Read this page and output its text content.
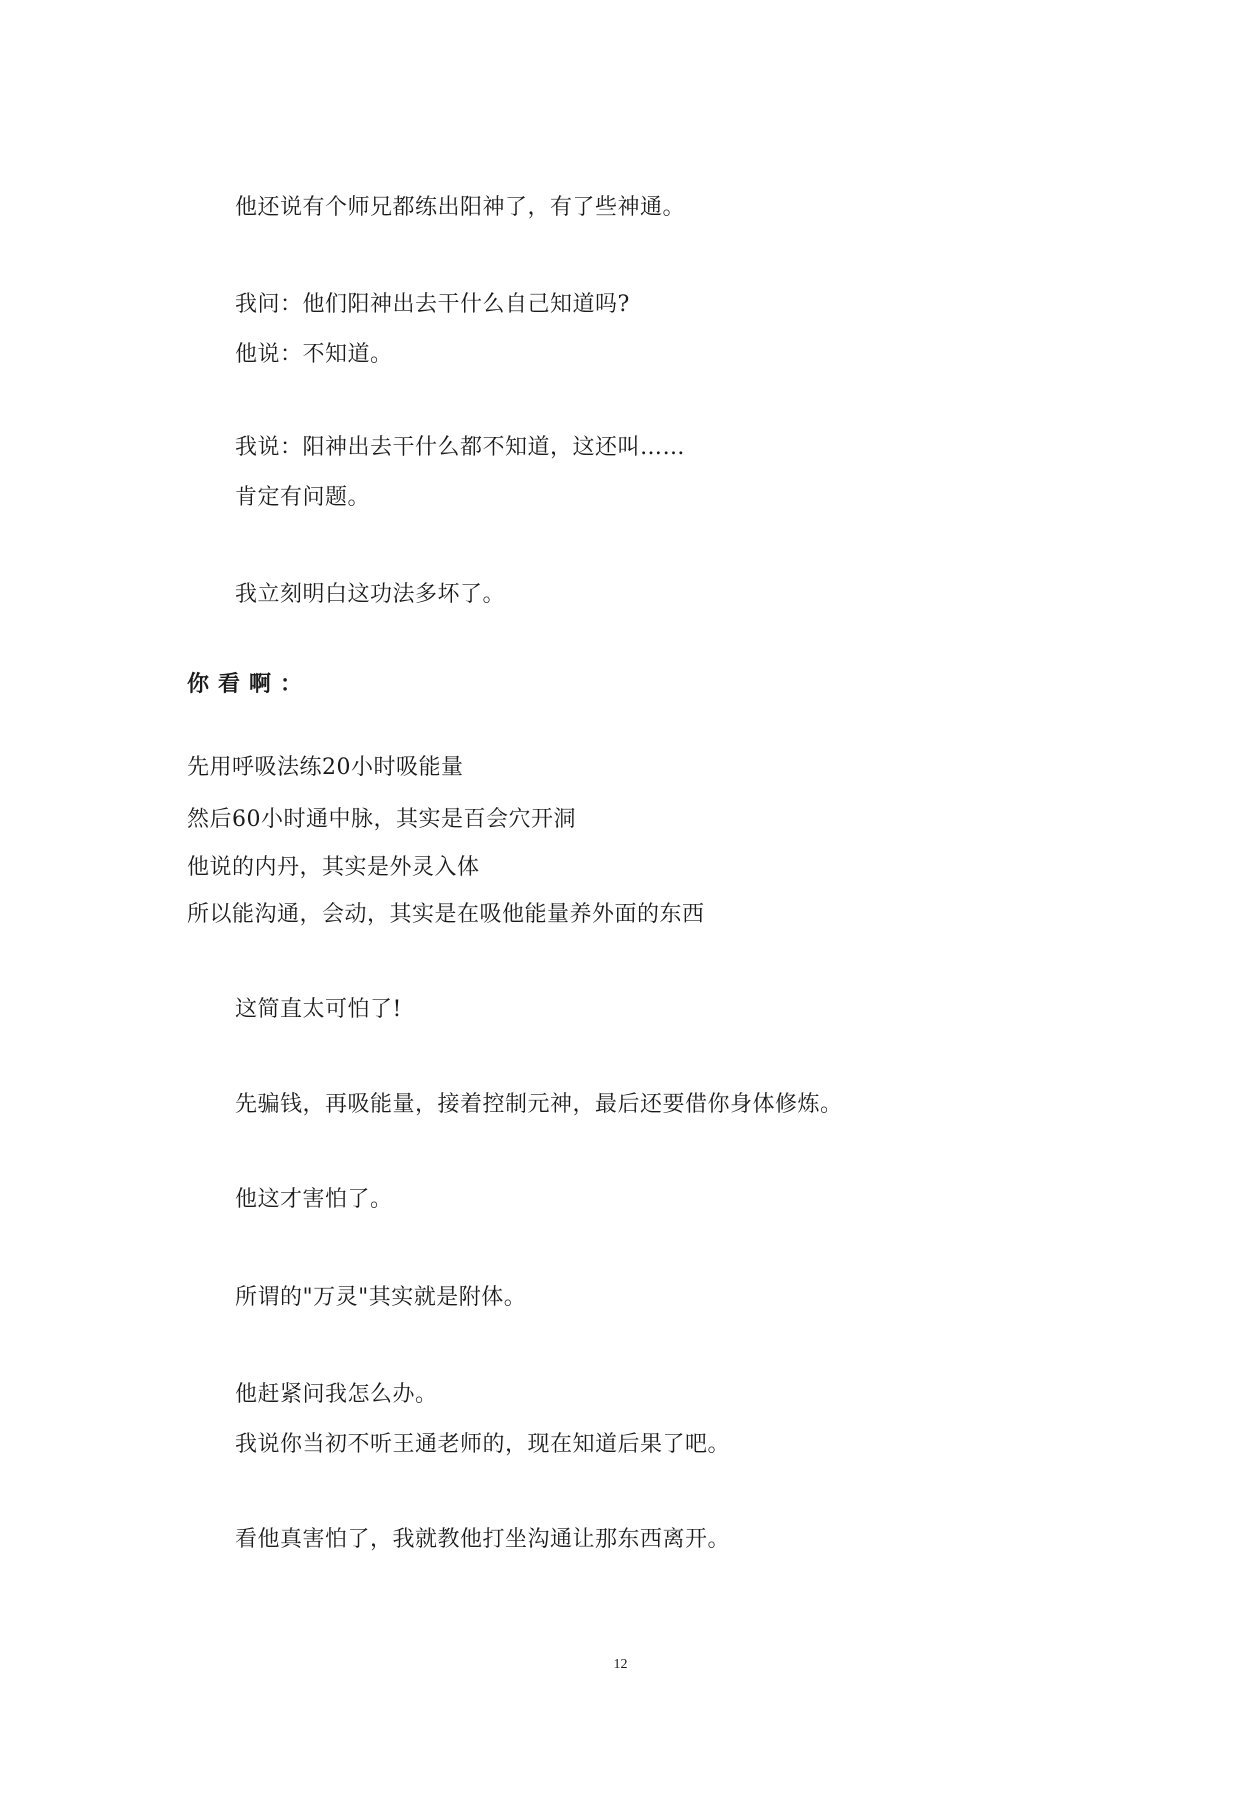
他还说有个师兄都练出阳神了，有了些神通。
我问：他们阳神出去干什么自己知道吗?
他说：不知道。
我说：阳神出去干什么都不知道，这还叫……
肯定有问题。
我立刻明白这功法多坏了。
你看啊：
先用呼吸法练20小时吸能量
然后60小时通中脉，其实是百会穴开洞
他说的内丹，其实是外灵入体
所以能沟通，会动，其实是在吸他能量养外面的东西
这简直太可怕了!
先骗钱，再吸能量，接着控制元神，最后还要借你身体修炼。
他这才害怕了。
所谓的"万灵"其实就是附体。
他赶紧问我怎么办。
我说你当初不听王通老师的，现在知道后果了吧。
看他真害怕了，我就教他打坐沟通让那东西离开。
12
